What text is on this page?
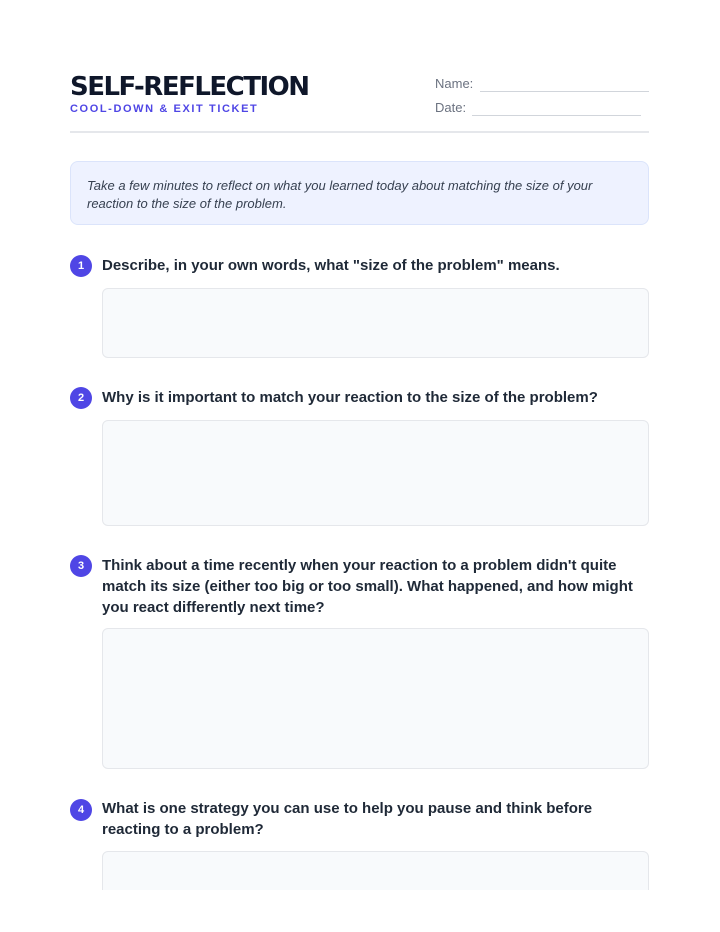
SELF-REFLECTION
COOL-DOWN & EXIT TICKET
Name:
Date:
Take a few minutes to reflect on what you learned today about matching the size of your reaction to the size of the problem.
1	Describe, in your own words, what "size of the problem" means.
2	Why is it important to match your reaction to the size of the problem?
3	Think about a time recently when your reaction to a problem didn't quite match its size (either too big or too small). What happened, and how might you react differently next time?
4	What is one strategy you can use to help you pause and think before reacting to a problem?
